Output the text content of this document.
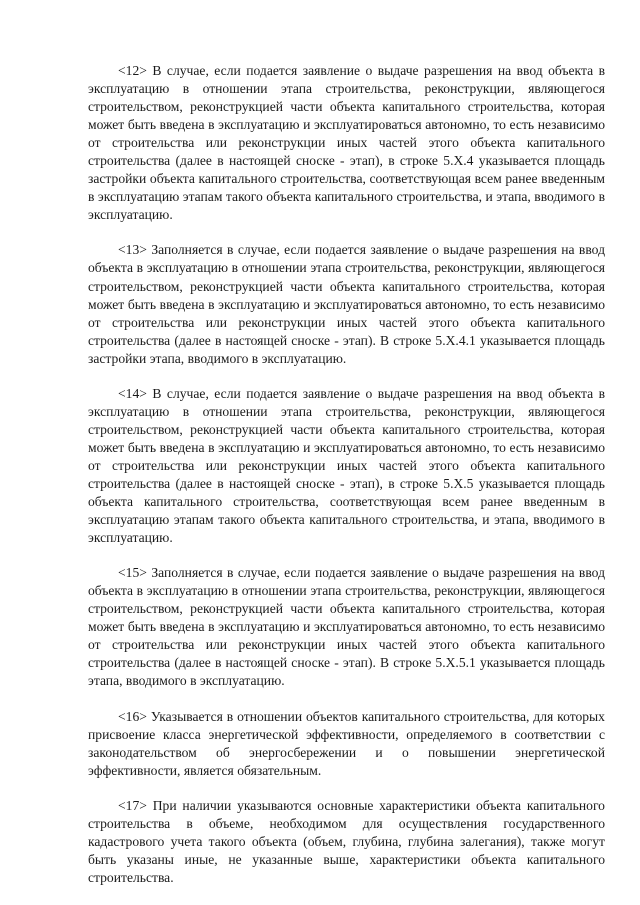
<12> В случае, если подается заявление о выдаче разрешения на ввод объекта в эксплуатацию в отношении этапа строительства, реконструкции, являющегося строительством, реконструкцией части объекта капитального строительства, которая может быть введена в эксплуатацию и эксплуатироваться автономно, то есть независимо от строительства или реконструкции иных частей этого объекта капитального строительства (далее в настоящей сноске - этап), в строке 5.X.4 указывается площадь застройки объекта капитального строительства, соответствующая всем ранее введенным в эксплуатацию этапам такого объекта капитального строительства, и этапа, вводимого в эксплуатацию.

<13> Заполняется в случае, если подается заявление о выдаче разрешения на ввод объекта в эксплуатацию в отношении этапа строительства, реконструкции, являющегося строительством, реконструкцией части объекта капитального строительства, которая может быть введена в эксплуатацию и эксплуатироваться автономно, то есть независимо от строительства или реконструкции иных частей этого объекта капитального строительства (далее в настоящей сноске - этап). В строке 5.X.4.1 указывается площадь застройки этапа, вводимого в эксплуатацию.

<14> В случае, если подается заявление о выдаче разрешения на ввод объекта в эксплуатацию в отношении этапа строительства, реконструкции, являющегося строительством, реконструкцией части объекта капитального строительства, которая может быть введена в эксплуатацию и эксплуатироваться автономно, то есть независимо от строительства или реконструкции иных частей этого объекта капитального строительства (далее в настоящей сноске - этап), в строке 5.X.5 указывается площадь объекта капитального строительства, соответствующая всем ранее введенным в эксплуатацию этапам такого объекта капитального строительства, и этапа, вводимого в эксплуатацию.

<15> Заполняется в случае, если подается заявление о выдаче разрешения на ввод объекта в эксплуатацию в отношении этапа строительства, реконструкции, являющегося строительством, реконструкцией части объекта капитального строительства, которая может быть введена в эксплуатацию и эксплуатироваться автономно, то есть независимо от строительства или реконструкции иных частей этого объекта капитального строительства (далее в настоящей сноске - этап). В строке 5.X.5.1 указывается площадь этапа, вводимого в эксплуатацию.

<16> Указывается в отношении объектов капитального строительства, для которых присвоение класса энергетической эффективности, определяемого в соответствии с законодательством об энергосбережении и о повышении энергетической эффективности, является обязательным.

<17> При наличии указываются основные характеристики объекта капитального строительства в объеме, необходимом для осуществления государственного кадастрового учета такого объекта (объем, глубина, глубина залегания), также могут быть указаны иные, не указанные выше, характеристики объекта капитального строительства.
